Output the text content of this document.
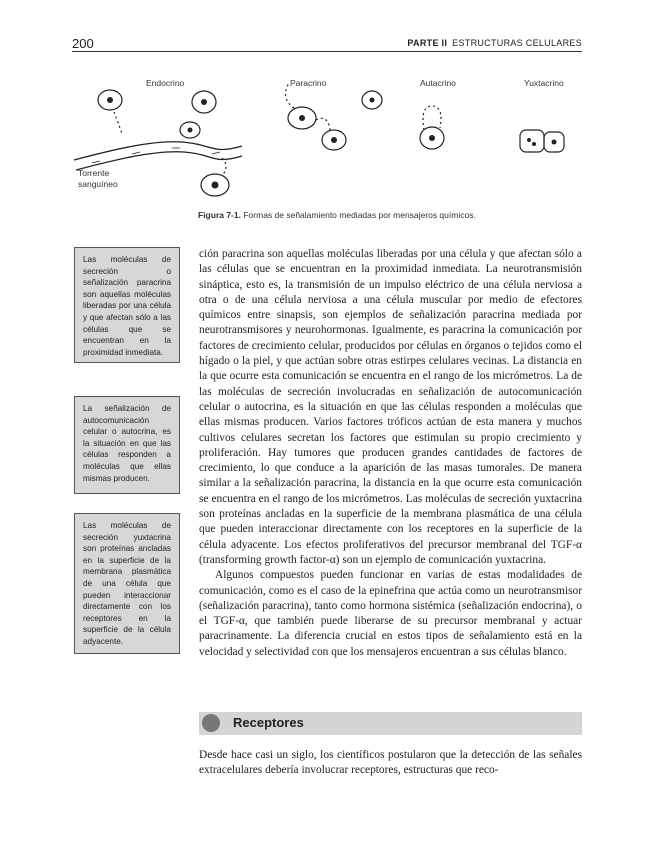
200	PARTE II ESTRUCTURAS CELULARES
Endocrino	Paracrino	Autacrino	Yuxtacrino
Torrente sanguíneo
Figura 7-1. Formas de señalamiento mediadas por mensajeros químicos.

Las moléculas de secreción o señalización paracrina son aquellas moléculas liberadas por una célula y que afectan sólo a las células que se encuentran en la proximidad inmediata.

La señalización de autocomunicación celular o autocrina, es la situación en que las células responden a moléculas que ellas mismas producen.

Las moléculas de secreción yuxtacrina son proteínas ancladas en la superficie de la membrana plasmática de una célula que pueden interaccionar directamente con los receptores en la superficie de la célula adyacente.

ción paracrina son aquellas moléculas liberadas por una célula y que afectan sólo a las células que se encuentran en la proximidad inmediata. La neurotransmisión sináptica, esto es, la transmisión de un impulso eléctrico de una célula nerviosa a otra o de una célula nerviosa a una célula muscular por medio de efectores químicos entre sinapsis, son ejemplos de señalización paracrina mediada por neurotransmisores y neurohormonas. Igualmente, es paracrina la comunicación por factores de crecimiento celular, producidos por células en órganos o tejidos como el hígado o la piel, y que actúan sobre otras estirpes celulares vecinas. La distancia en la que ocurre esta comunicación se encuentra en el rango de los micrómetros. La de las moléculas de secreción involucradas en señalización de autocomunicación celular o autocrina, es la situación en que las células responden a moléculas que ellas mismas producen. Varios factores tróficos actúan de esta manera y muchos cultivos celulares secretan los factores que estimulan su propio crecimiento y proliferación. Hay tumores que producen grandes cantidades de factores de crecimiento, lo que conduce a la aparición de las masas tumorales. De manera similar a la señalización paracrina, la distancia en la que ocurre esta comunicación se encuentra en el rango de los micrómetros. Las moléculas de secreción yuxtacrina son proteínas ancladas en la superficie de la membrana plasmática de una célula que pueden interaccionar directamente con los receptores en la superficie de la célula adyacente. Los efectos proliferativos del precursor membranal del TGF-α (transforming growth factor-α) son un ejemplo de comunicación yuxtacrina.

Algunos compuestos pueden funcionar en varias de estas modalidades de comunicación, como es el caso de la epinefrina que actúa como un neurotransmisor (señalización paracrina), tanto como hormona sistémica (señalización endocrina), o el TGF-α, que también puede liberarse de su precursor membranal y actuar paracrinamente. La diferencia crucial en estos tipos de señalamiento está en la velocidad y selectividad con que los mensajeros encuentran a sus células blanco.

Receptores

Desde hace casi un siglo, los científicos postularon que la detección de las señales extracelulares debería involucrar receptores, estructuras que reco-
